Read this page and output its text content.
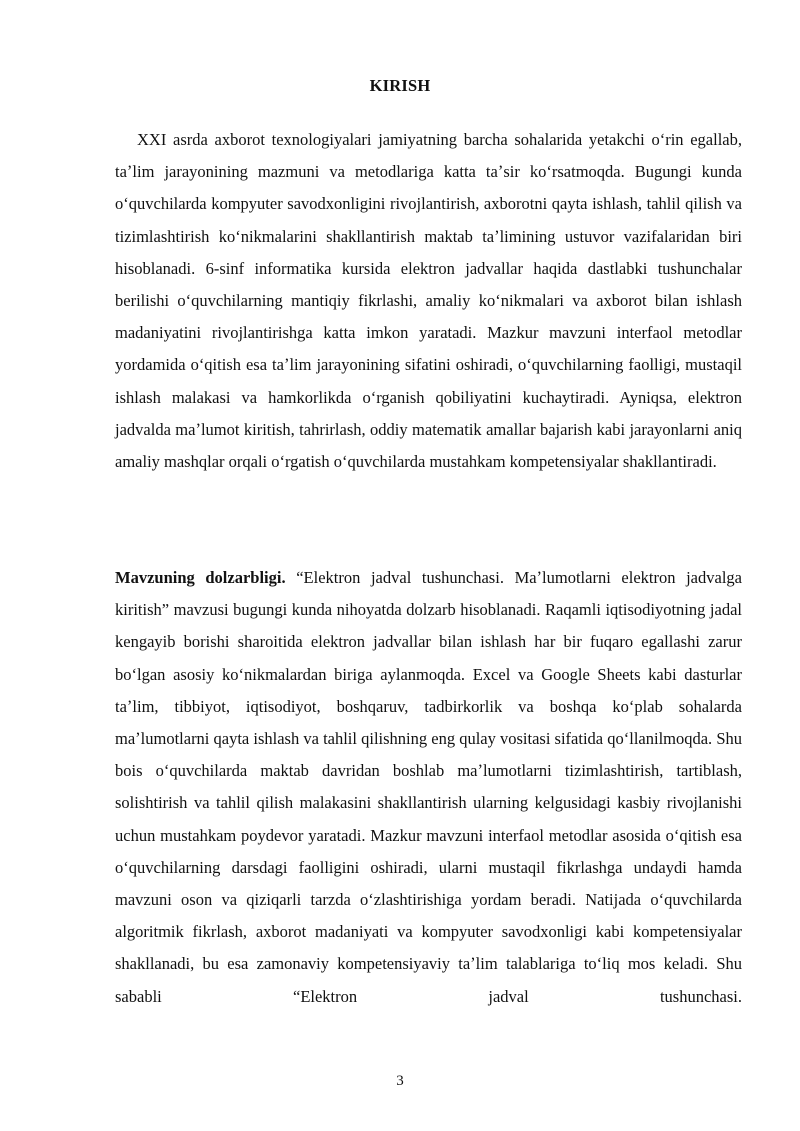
KIRISH

XXI asrda axborot texnologiyalari jamiyatning barcha sohalarida yetakchi oʻrin egallab, taʼlim jarayonining mazmuni va metodlariga katta taʼsir koʻrsatmoqda. Bugungi kunda oʻquvchilarda kompyuter savodxonligini rivojlantirish, axborotni qayta ishlash, tahlil qilish va tizimlashtirish koʻnikmalarini shakllantirish maktab taʼlimining ustuvor vazifalaridan biri hisoblanadi. 6-sinf informatika kursida elektron jadvallar haqida dastlabki tushunchalar berilishi oʻquvchilarning mantiqiy fikrlashi, amaliy koʻnikmalari va axborot bilan ishlash madaniyatini rivojlantirishga katta imkon yaratadi. Mazkur mavzuni interfaol metodlar yordamida oʻqitish esa taʼlim jarayonining sifatini oshiradi, oʻquvchilarning faolligi, mustaqil ishlash malakasi va hamkorlikda oʻrganish qobiliyatini kuchaytiradi. Ayniqsa, elektron jadvalda maʼlumot kiritish, tahrirlash, oddiy matematik amallar bajarish kabi jarayonlarni aniq amaliy mashqlar orqali oʻrgatish oʻquvchilarda mustahkam kompetensiyalar shakllantiradi.

Mavzuning dolzarbligi. “Elektron jadval tushunchasi. Maʼlumotlarni elektron jadvalga kiritish” mavzusi bugungi kunda nihoyatda dolzarb hisoblanadi. Raqamli iqtisodiyotning jadal kengayib borishi sharoitida elektron jadvallar bilan ishlash har bir fuqaro egallashi zarur boʻlgan asosiy koʻnikmalardan biriga aylanmoqda. Excel va Google Sheets kabi dasturlar taʼlim, tibbiyot, iqtisodiyot, boshqaruv, tadbirkorlik va boshqa koʻplab sohalarda maʼlumotlarni qayta ishlash va tahlil qilishning eng qulay vositasi sifatida qoʻllanilmoqda. Shu bois oʻquvchilarda maktab davridan boshlab maʼlumotlarni tizimlashtirish, tartiblash, solishtirish va tahlil qilish malakasini shakllantirish ularning kelgusidagi kasbiy rivojlanishi uchun mustahkam poydevor yaratadi. Mazkur mavzuni interfaol metodlar asosida oʻqitish esa oʻquvchilarning darsdagi faolligini oshiradi, ularni mustaqil fikrlashga undaydi hamda mavzuni oson va qiziqarli tarzda oʻzlashtirishiga yordam beradi. Natijada oʻquvchilarda algoritmik fikrlash, axborot madaniyati va kompyuter savodxonligi kabi kompetensiyalar shakllanadi, bu esa zamonaviy kompetensiyaviy taʼlim talablariga toʻliq mos keladi. Shu sababli “Elektron jadval tushunchasi.

3
